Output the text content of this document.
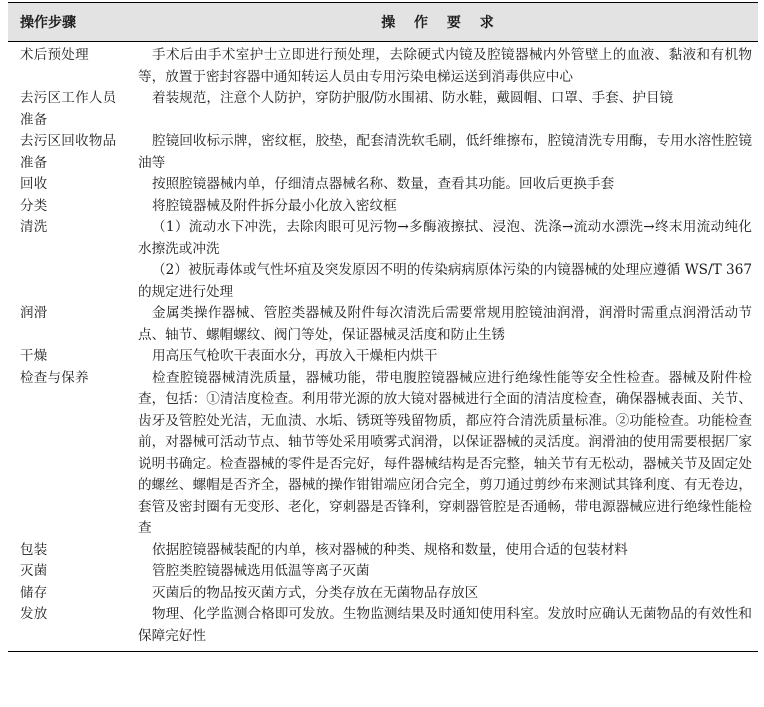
操作步骤	操 作 要 求
术后预处理	手术后由手术室护士立即进行预处理，去除硬式内镜及腔镜器械内外管壁上的血液、黏液和有机物等，放置于密封容器中通知转运人员由专用污染电梯运送到消毒供应中心

去污区工作人员准备	着装规范，注意个人防护，穿防护服/防水围裙、防水鞋，戴圆帽、口罩、手套、护目镜

去污区回收物品准备	腔镜回收标示牌，密纹框，胶垫，配套清洗软毛刷，低纤维擦布，腔镜清洗专用酶，专用水溶性腔镜油等

回收	按照腔镜器械内单，仔细清点器械名称、数量，查看其功能。回收后更换手套

分类	将腔镜器械及附件拆分最小化放入密纹框

清洗	（1）流动水下冲洗，去除肉眼可见污物→多酶液擦拭、浸泡、洗涤→流动水漂洗→终末用流动纯化水擦洗或冲洗
（2）被朊毒体或气性坏疽及突发原因不明的传染病病原体污染的内镜器械的处理应遵循 WS/T 367 的规定进行处理

润滑	金属类操作器械、管腔类器械及附件每次清洗后需要常规用腔镜油润滑，润滑时需重点润滑活动节点、轴节、螺帽螺纹、阀门等处，保证器械灵活度和防止生锈

干燥	用高压气枪吹干表面水分，再放入干燥柜内烘干

检查与保养	检查腔镜器械清洗质量，器械功能，带电腹腔镜器械应进行绝缘性能等安全性检查。器械及附件检查，包括：①清洁度检查。利用带光源的放大镜对器械进行全面的清洁度检查，确保器械表面、关节、齿牙及管腔处光洁，无血渍、水垢、锈斑等残留物质，都应符合清洗质量标准。②功能检查。功能检查前，对器械可活动节点、轴节等处采用喷雾式润滑，以保证器械的灵活度。润滑油的使用需要根据厂家说明书确定。检查器械的零件是否完好，每件器械结构是否完整，轴关节有无松动，器械关节及固定处的螺丝、螺帽是否齐全，器械的操作钳钳端应闭合完全，剪刀通过剪纱布来测试其锋利度、有无卷边，套管及密封圈有无变形、老化，穿刺器是否锋利，穿刺器管腔是否通畅，带电源器械应进行绝缘性能检查

包装	依据腔镜器械装配的内单，核对器械的种类、规格和数量，使用合适的包装材料

灭菌	管腔类腔镜器械选用低温等离子灭菌

储存	灭菌后的物品按灭菌方式，分类存放在无菌物品存放区

发放	物理、化学监测合格即可发放。生物监测结果及时通知使用科室。发放时应确认无菌物品的有效性和保障完好性
